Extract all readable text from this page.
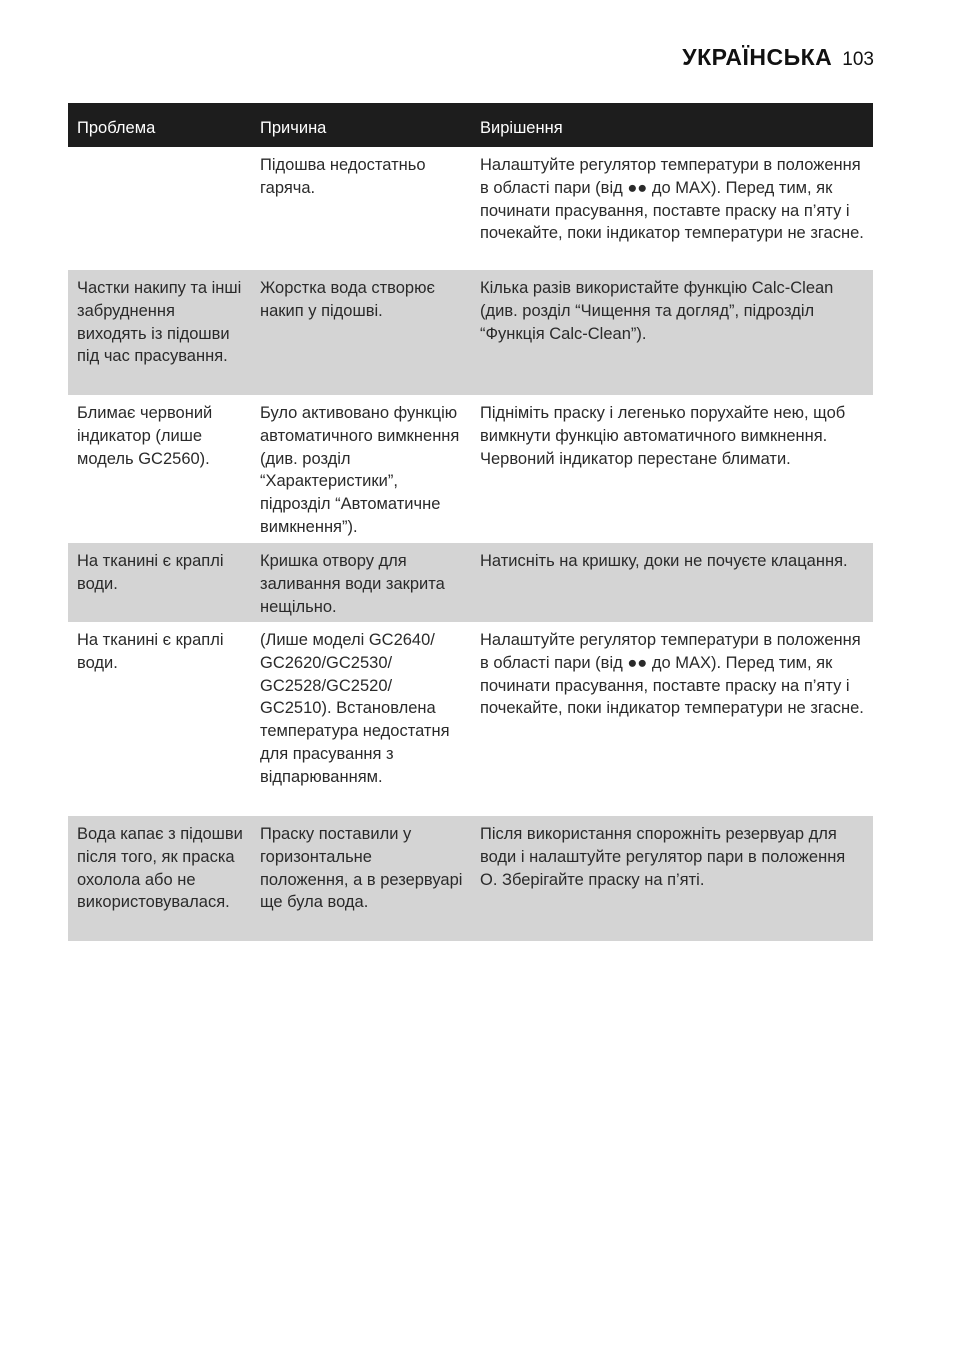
УКРАЇНСЬКА 103
Проблема	Причина	Вирішення
Підошва недостатньо гаряча.
Налаштуйте регулятор температури в положення в області пари (від ●● до MAX). Перед тим, як починати прасування, поставте праску на п’яту і почекайте, поки індикатор температури не згасне.
Частки накипу та інші забруднення виходять із підошви під час прасування.
Жорстка вода створює накип у підошві.
Кілька разів використайте функцію Calc-Clean (див. розділ “Чищення та догляд”, підрозділ “Функція Calc-Clean”).
Блимає червоний індикатор (лише модель GC2560).
Було активовано функцію автоматичного вимкнення (див. розділ “Характеристики”, підрозділ “Автоматичне вимкнення”).
Підніміть праску і легенько поруxайте нею, щоб вимкнути функцію автоматичного вимкнення. Червоний індикатор перестане блимати.
На тканині є краплі води.
Кришка отвору для заливання води закрита нещільно.
Натисніть на кришку, доки не почуєте клацання.
На тканині є краплі води.
(Лише моделі GC2640/ GC2620/GC2530/ GC2528/GC2520/ GC2510). Встановлена температура недостатня для прасування з відпарюванням.
Налаштуйте регулятор температури в положення в області пари (від ●● до MAX). Перед тим, як починати прасування, поставте праску на п’яту і почекайте, поки індикатор температури не згасне.
Вода капає з підошви після того, як праска охолола або не використовувалася.
Праску поставили у горизонтальне положення, а в резервуарі ще була вода.
Після використання спорожніть резервуар для води і налаштуйте регулятор пари в положення O. Зберігайте праску на п’яті.
